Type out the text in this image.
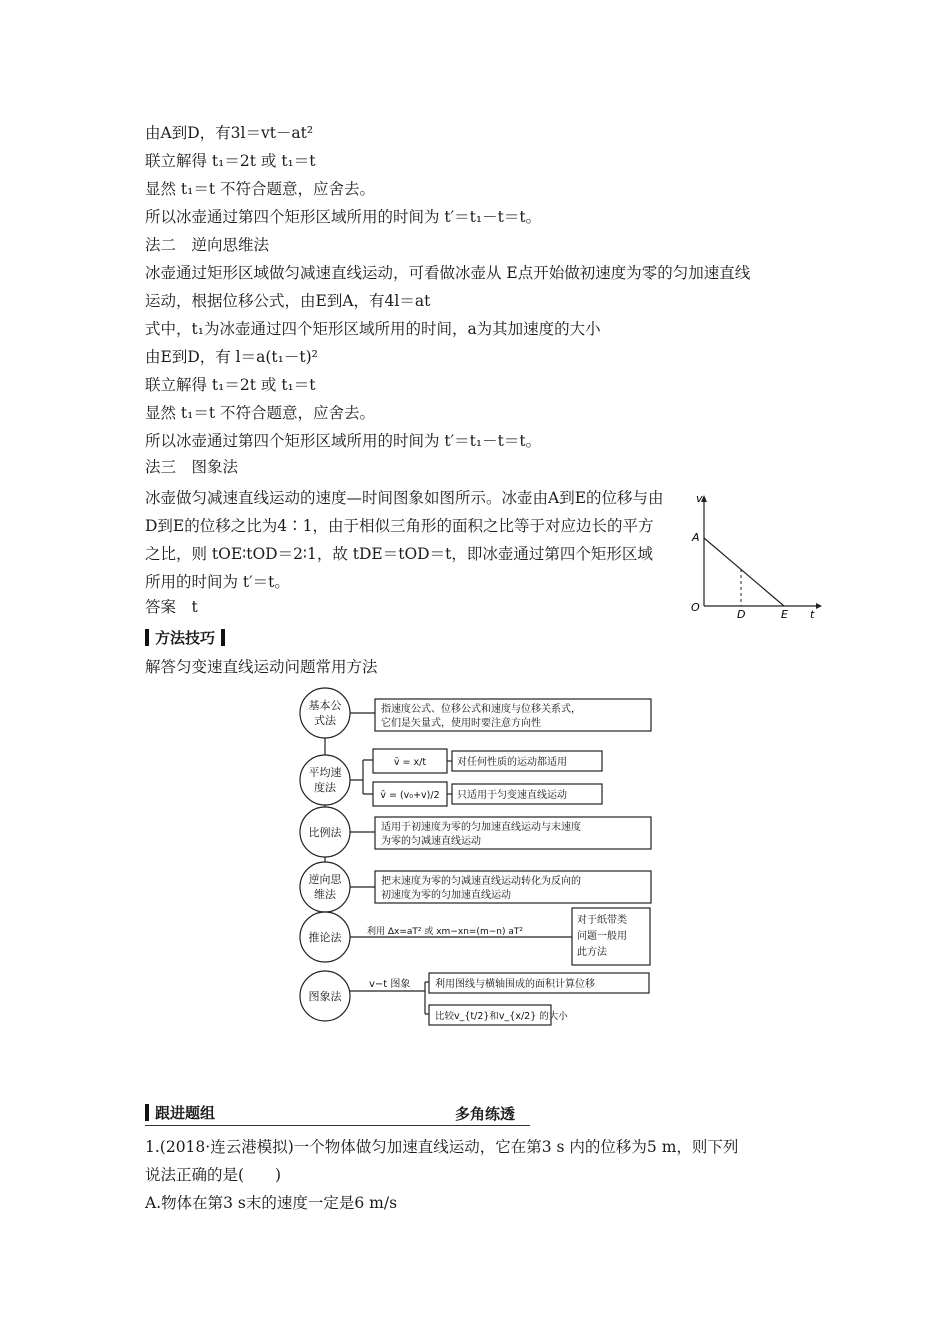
由A到D，有3l＝vt－at²
联立解得 t₁＝2t 或 t₁＝t
显然 t₁＝t 不符合题意，应舍去。
所以冰壶通过第四个矩形区域所用的时间为 t′＝t₁－t＝t。
法二　逆向思维法
冰壶通过矩形区域做匀减速直线运动，可看做冰壶从 E点开始做初速度为零的匀加速直线
运动，根据位移公式，由E到A，有4l＝at
式中，t₁为冰壶通过四个矩形区域所用的时间，a为其加速度的大小
由E到D，有 l＝a(t₁－t)²
联立解得 t₁＝2t 或 t₁＝t
显然 t₁＝t 不符合题意，应舍去。
所以冰壶通过第四个矩形区域所用的时间为 t′＝t₁－t＝t。
法三　图象法
冰壶做匀减速直线运动的速度—时间图象如图所示。冰壶由A到E的位移与由D到E的位移之比为4∶1，由于相似三角形的面积之比等于对应边长的平方之比，则 tOE∶tOD＝2∶1，故 tDE＝tOD＝t，即冰壶通过第四个矩形区域所用的时间为 t′＝t。
答案　t
v
t
O
A
D	E
方法技巧
解答匀变速直线运动问题常用方法
基本公
式法
指速度公式、位移公式和速度与位移关系式，
它们是矢量式，使用时要注意方向性
平均速
度法
v̄ = x/t	对任何性质的运动都适用
v̄ = (v₀+v)/2 只适用于匀变速直线运动
比例法	适用于初速度为零的匀加速直线运动与末速度
为零的匀减速直线运动
逆向思
维法
把末速度为零的匀减速直线运动转化为反向的
初速度为零的匀加速直线运动
推论法	利用 Δx=aT² 或 xm−xn=(m−n) aT²
对于纸带类
问题一般用
此方法
图象法
v−t 图象 利用图线与横轴围成的面积计算位移
比较v_{t/2}和v_{x/2} 的大小
跟进题组	多角练透
1.(2018·连云港模拟)一个物体做匀加速直线运动，它在第3 s 内的位移为5 m，则下列
说法正确的是(　　)
A.物体在第3 s末的速度一定是6 m/s
